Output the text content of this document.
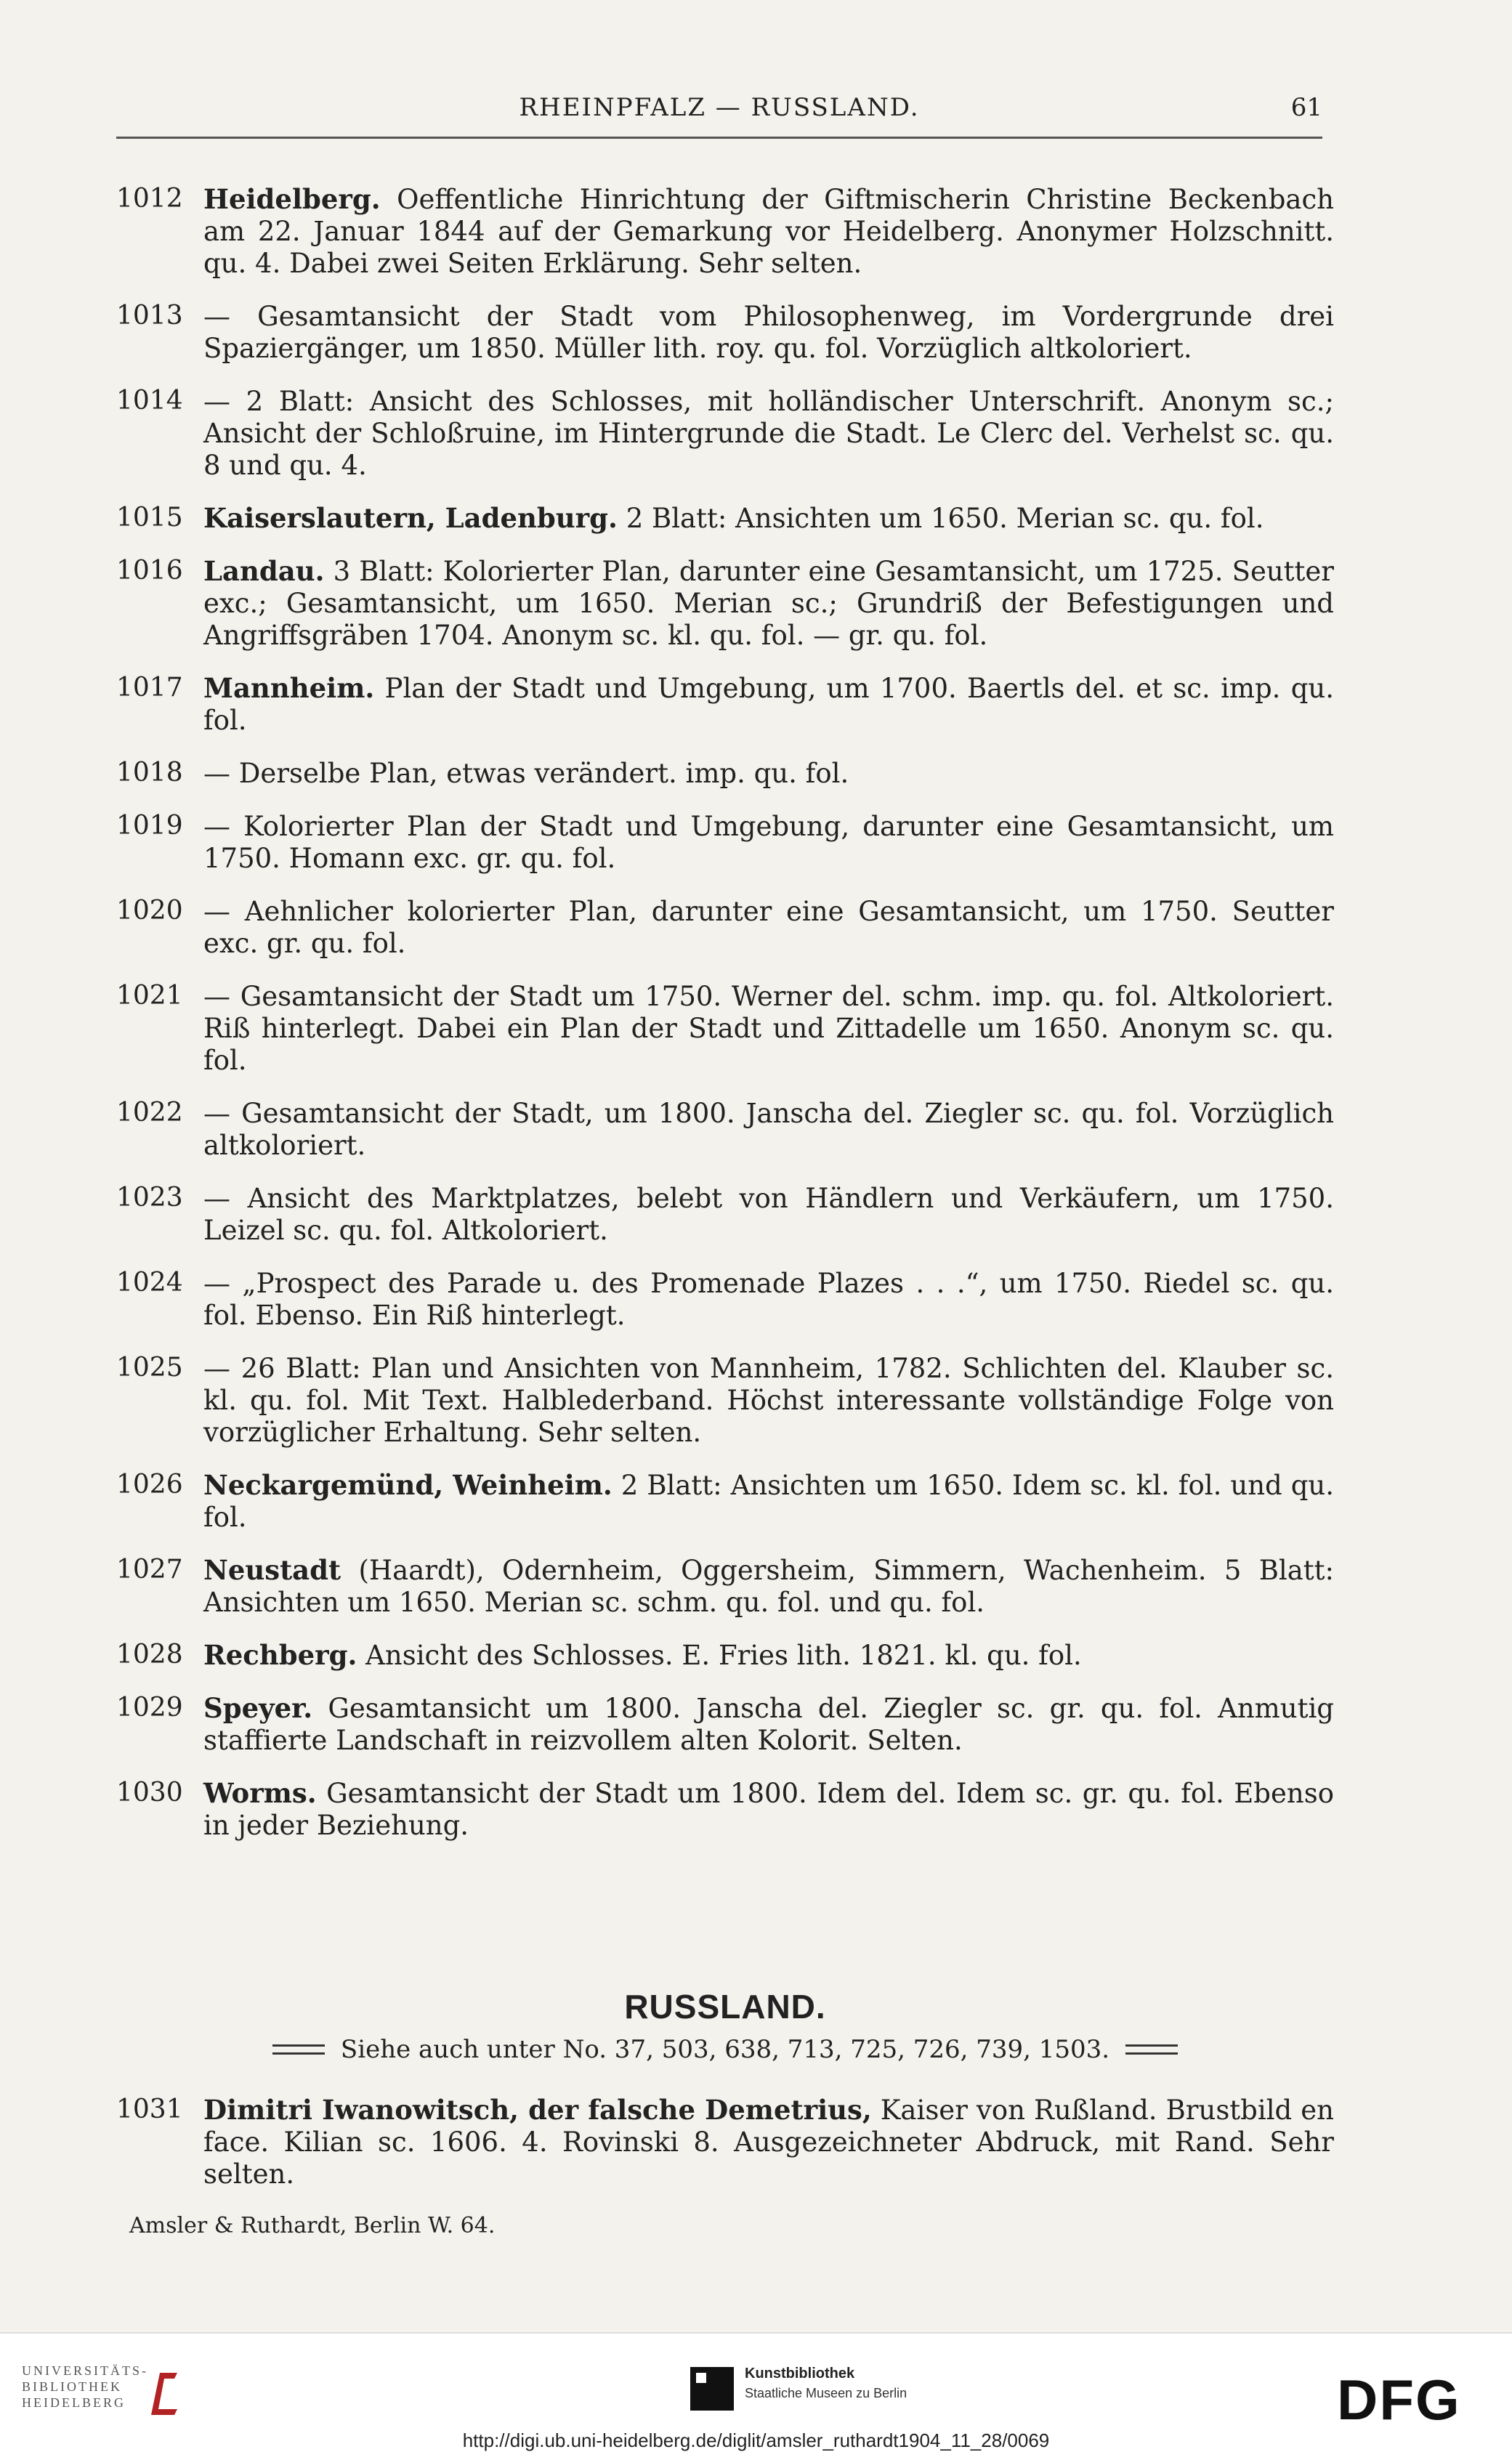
RHEINPFALZ — RUSSLAND.	61
1012 Heidelberg. Oeffentliche Hinrichtung der Giftmischerin Christine Beckenbach am 22. Januar 1844 auf der Gemarkung vor Heidelberg. Anonymer Holzschnitt. qu. 4. Dabei zwei Seiten Erklärung. Sehr selten.
1013 — Gesamtansicht der Stadt vom Philosophenweg, im Vordergrunde drei Spaziergänger, um 1850. Müller lith. roy. qu. fol. Vorzüglich altkoloriert.
1014 — 2 Blatt: Ansicht des Schlosses, mit holländischer Unterschrift. Anonym sc.; Ansicht der Schloßruine, im Hintergrunde die Stadt. Le Clerc del. Verhelst sc. qu. 8 und qu. 4.
1015 Kaiserslautern, Ladenburg. 2 Blatt: Ansichten um 1650. Merian sc. qu. fol.
1016 Landau. 3 Blatt: Kolorierter Plan, darunter eine Gesamtansicht, um 1725. Seutter exc.; Gesamtansicht, um 1650. Merian sc.; Grundriß der Befestigungen und Angriffsgräben 1704. Anonym sc. kl. qu. fol. — gr. qu. fol.
1017 Mannheim. Plan der Stadt und Umgebung, um 1700. Baertls del. et sc. imp. qu. fol.
1018 — Derselbe Plan, etwas verändert. imp. qu. fol.
1019 — Kolorierter Plan der Stadt und Umgebung, darunter eine Gesamtansicht, um 1750. Homann exc. gr. qu. fol.
1020 — Aehnlicher kolorierter Plan, darunter eine Gesamtansicht, um 1750. Seutter exc. gr. qu. fol.
1021 — Gesamtansicht der Stadt um 1750. Werner del. schm. imp. qu. fol. Altkoloriert. Riß hinterlegt. Dabei ein Plan der Stadt und Zittadelle um 1650. Anonym sc. qu. fol.
1022 — Gesamtansicht der Stadt, um 1800. Janscha del. Ziegler sc. qu. fol. Vorzüglich altkoloriert.
1023 — Ansicht des Marktplatzes, belebt von Händlern und Verkäufern, um 1750. Leizel sc. qu. fol. Altkoloriert.
1024 — „Prospect des Parade u. des Promenade Plazes . . .“, um 1750. Riedel sc. qu. fol. Ebenso. Ein Riß hinterlegt.
1025 — 26 Blatt: Plan und Ansichten von Mannheim, 1782. Schlichten del. Klauber sc. kl. qu. fol. Mit Text. Halblederband. Höchst interessante vollständige Folge von vorzüglicher Erhaltung. Sehr selten.
1026 Neckargemünd, Weinheim. 2 Blatt: Ansichten um 1650. Idem sc. kl. fol. und qu. fol.
1027 Neustadt (Haardt), Odernheim, Oggersheim, Simmern, Wachenheim. 5 Blatt: Ansichten um 1650. Merian sc. schm. qu. fol. und qu. fol.
1028 Rechberg. Ansicht des Schlosses. E. Fries lith. 1821. kl. qu. fol.
1029 Speyer. Gesamtansicht um 1800. Janscha del. Ziegler sc. gr. qu. fol. Anmutig staffierte Landschaft in reizvollem alten Kolorit. Selten.
1030 Worms. Gesamtansicht der Stadt um 1800. Idem del. Idem sc. gr. qu. fol. Ebenso in jeder Beziehung.
RUSSLAND.
Siehe auch unter No. 37, 503, 638, 713, 725, 726, 739, 1503.
1031 Dimitri Iwanowitsch, der falsche Demetrius, Kaiser von Rußland. Brustbild en face. Kilian sc. 1606. 4. Rovinski 8. Ausgezeichneter Abdruck, mit Rand. Sehr selten.
Amsler & Ruthardt, Berlin W. 64.
UNIVERSITÄTS-
BIBLIOTHEK
HEIDELBERG
Kunstbibliothek
Staatliche Museen zu Berlin	DFG
http://digi.ub.uni-heidelberg.de/diglit/amsler_ruthardt1904_11_28/0069
